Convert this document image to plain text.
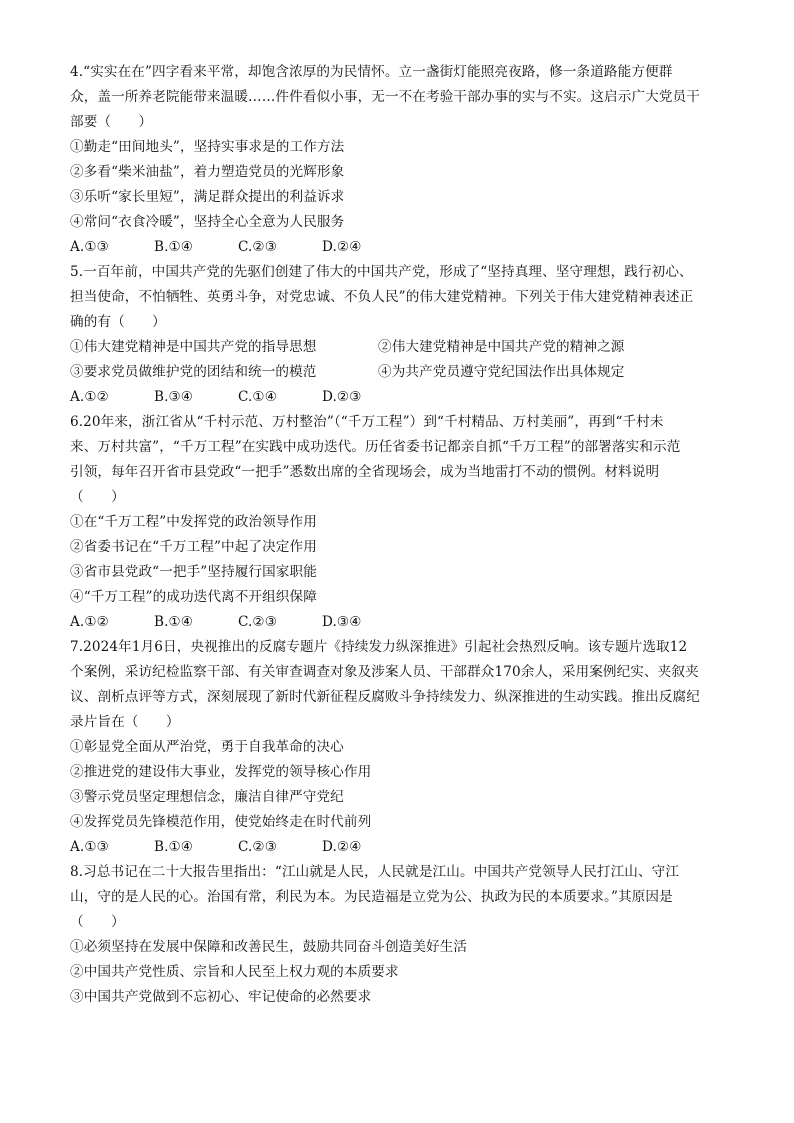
4.“实实在在”四字看来平常，却饱含浓厚的为民情怀。立一盏街灯能照亮夜路，修一条道路能方便群
众，盖一所养老院能带来温暖……件件看似小事，无一不在考验干部办事的实与不实。这启示广大党员干
部要（　　）
①勤走“田间地头”，坚持实事求是的工作方法
②多看“柴米油盐”，着力塑造党员的光辉形象
③乐听“家长里短”，满足群众提出的利益诉求
④常问“衣食冷暖”，坚持全心全意为人民服务
A.①③	B.①④	C.②③	D.②④
5.一百年前，中国共产党的先驱们创建了伟大的中国共产党，形成了“坚持真理、坚守理想，践行初心、
担当使命，不怕牺牲、英勇斗争，对党忠诚、不负人民”的伟大建党精神。下列关于伟大建党精神表述正
确的有（　　）
①伟大建党精神是中国共产党的指导思想	②伟大建党精神是中国共产党的精神之源
③要求党员做维护党的团结和统一的模范	④为共产党员遵守党纪国法作出具体规定
A.①②	B.③④	C.①④	D.②③
6.20年来，浙江省从“千村示范、万村整治”（“千万工程”）到“千村精品、万村美丽”，再到“千村未
来、万村共富”，“千万工程”在实践中成功迭代。历任省委书记都亲自抓“千万工程”的部署落实和示范
引领，每年召开省市县党政“一把手”悉数出席的全省现场会，成为当地雷打不动的惯例。材料说明
（　　）
①在“千万工程”中发挥党的政治领导作用
②省委书记在“千万工程”中起了决定作用
③省市县党政“一把手”坚持履行国家职能
④“千万工程”的成功迭代离不开组织保障
A.①②	B.①④	C.②③	D.③④
7.2024年1月6日，央视推出的反腐专题片《持续发力纵深推进》引起社会热烈反响。该专题片选取12
个案例，采访纪检监察干部、有关审查调查对象及涉案人员、干部群众170余人，采用案例纪实、夹叙夹
议、剖析点评等方式，深刻展现了新时代新征程反腐败斗争持续发力、纵深推进的生动实践。推出反腐纪
录片旨在（　　）
①彰显党全面从严治党，勇于自我革命的决心
②推进党的建设伟大事业，发挥党的领导核心作用
③警示党员坚定理想信念，廉洁自律严守党纪
④发挥党员先锋模范作用，使党始终走在时代前列
A.①③	B.①④	C.②③	D.②④
8.习总书记在二十大报告里指出：“江山就是人民，人民就是江山。中国共产党领导人民打江山、守江
山，守的是人民的心。治国有常，利民为本。为民造福是立党为公、执政为民的本质要求。”其原因是
（　　）
①必须坚持在发展中保障和改善民生，鼓励共同奋斗创造美好生活
②中国共产党性质、宗旨和人民至上权力观的本质要求
③中国共产党做到不忘初心、牢记使命的必然要求
